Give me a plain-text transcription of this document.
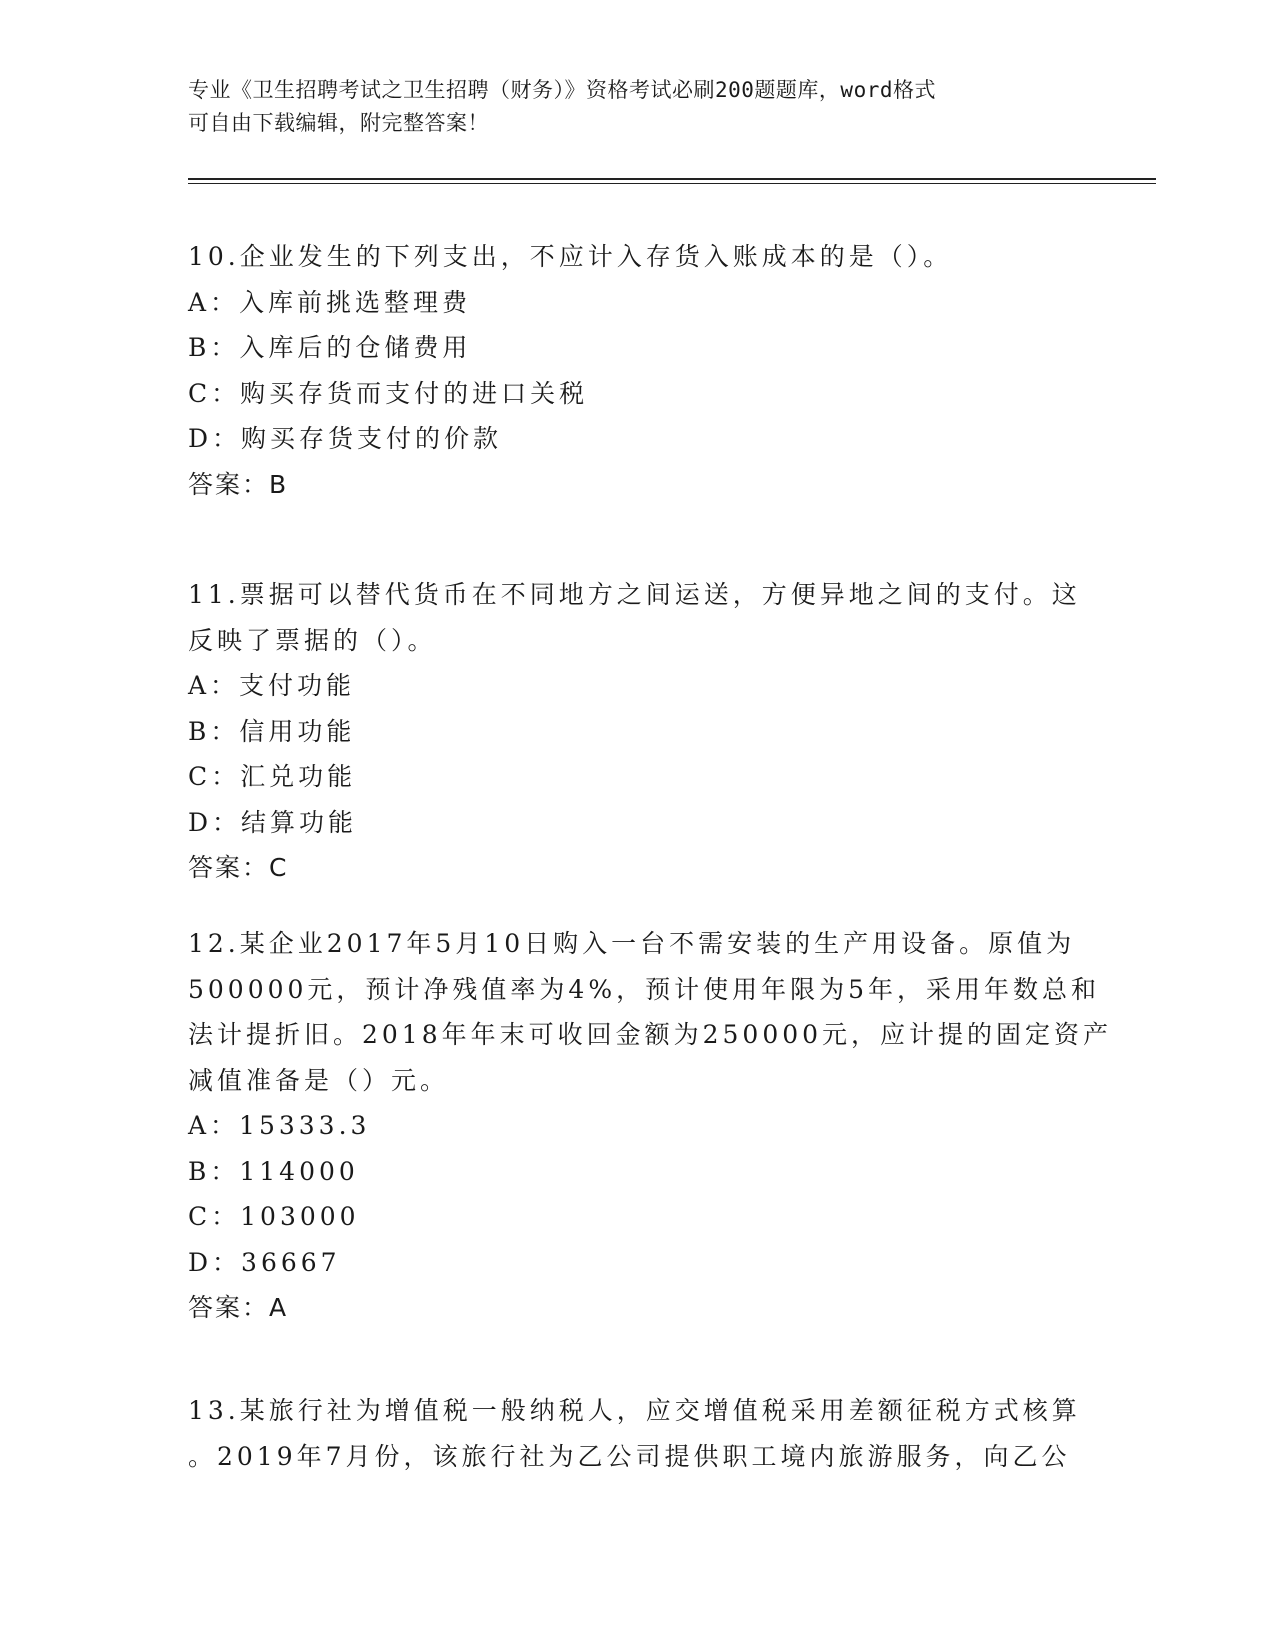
专业《卫生招聘考试之卫生招聘（财务）》资格考试必刷200题题库，word格式
可自由下载编辑，附完整答案！
10.企业发生的下列支出，不应计入存货入账成本的是（）。
A：入库前挑选整理费
B：入库后的仓储费用
C：购买存货而支付的进口关税
D：购买存货支付的价款
答案：B
11.票据可以替代货币在不同地方之间运送，方便异地之间的支付。这
反映了票据的（）。
A：支付功能
B：信用功能
C：汇兑功能
D：结算功能
答案：C
12.某企业2017年5月10日购入一台不需安装的生产用设备。原值为
500000元，预计净残值率为4%，预计使用年限为5年，采用年数总和
法计提折旧。2018年年末可收回金额为250000元，应计提的固定资产
减值准备是（）元。
A：15333.3
B：114000
C：103000
D：36667
答案：A
13.某旅行社为增值税一般纳税人，应交增值税采用差额征税方式核算
。2019年7月份，该旅行社为乙公司提供职工境内旅游服务，向乙公
